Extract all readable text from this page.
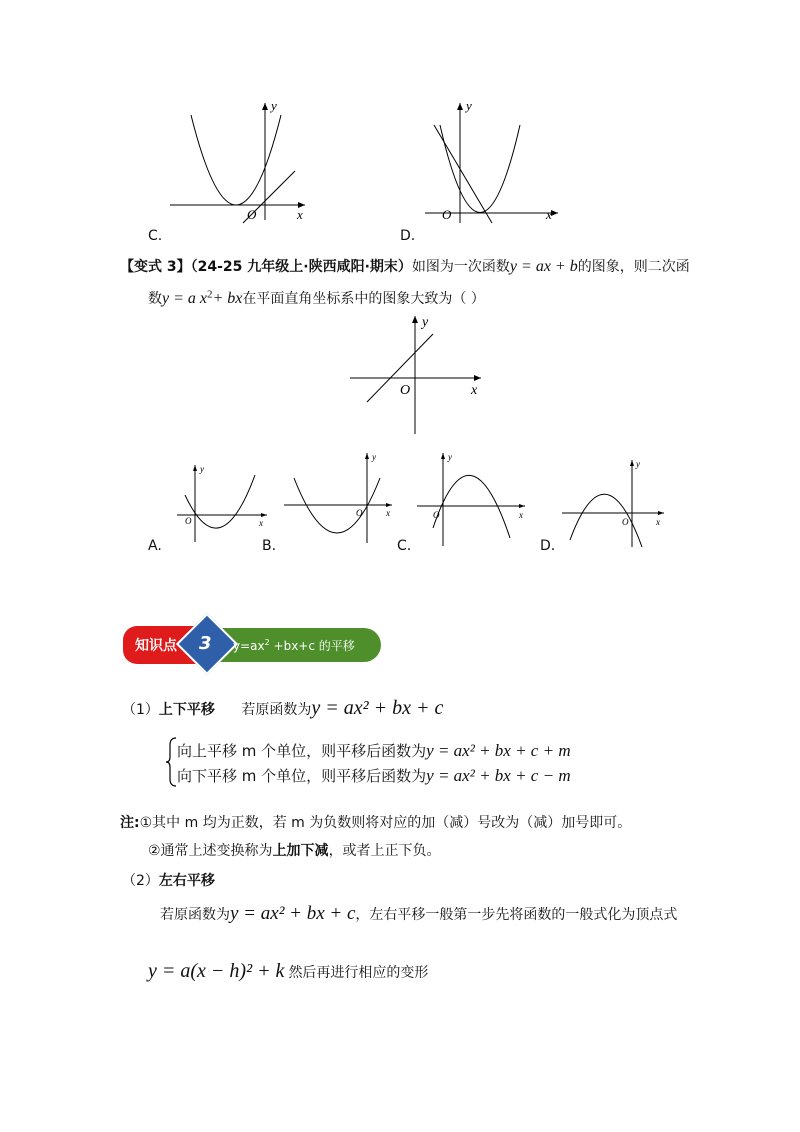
y
x
O
C.
y
x
O
D.
【变式 3】（24-25 九年级上·陕西咸阳·期末）如图为一次函数y = ax + b的图象，则二次函
数y = a $x^2+$ bx在平面直角坐标系中的图象大致为（ ）
y
x
O
y
x
O
A.
y
x
O
B.
y
x
O
C.
y
x
O
D.
知识点 3 $y=ax^2 +bx+c$ 的平移
（1）上下平移 若原函数为y = ax² + bx + c
向上平移 m 个单位，则平移后函数为y = ax² + bx + c + m
向下平移 m 个单位，则平移后函数为y = ax² + bx + c − m
注:①其中 m 均为正数，若 m 为负数则将对应的加（减）号改为（减）加号即可。
②通常上述变换称为上加下减，或者上正下负。
（2）左右平移
若原函数为y = ax² + bx + c，左右平移一般第一步先将函数的一般式化为顶点式
y = a(x − h)² + k 然后再进行相应的变形
